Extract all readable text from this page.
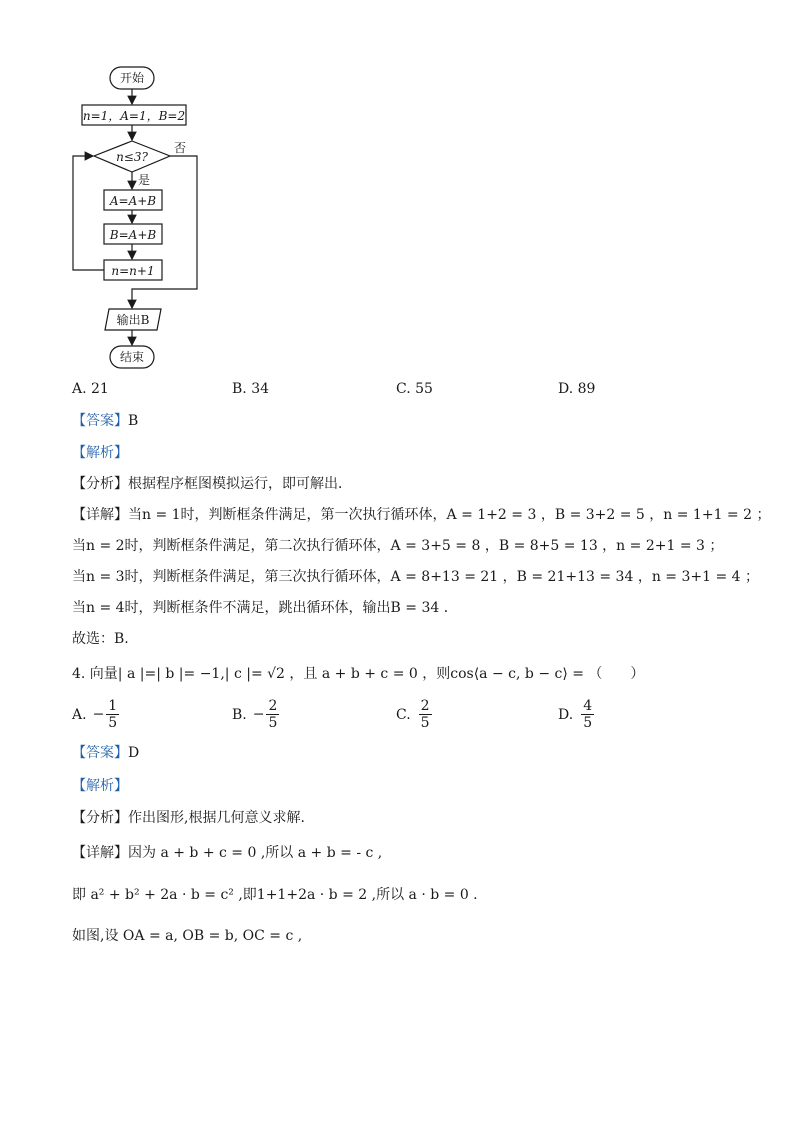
开始
n=1，A=1，B=2
n≤3?
否
是
A=A+B
B=A+B
n=n+1
输出B
结束
A. 21	B. 34	C. 55	D. 89
【答案】B
【解析】
【分析】根据程序框图模拟运行，即可解出．
【详解】当n = 1时，判断框条件满足，第一次执行循环体，A = 1+2 = 3 ，B = 3+2 = 5 ，n = 1+1 = 2 ；
当n = 2时，判断框条件满足，第二次执行循环体，A = 3+5 = 8 ，B = 8+5 = 13 ，n = 2+1 = 3 ；
当n = 3时，判断框条件满足，第三次执行循环体，A = 8+13 = 21 ，B = 21+13 = 34 ，n = 3+1 = 4 ；
当n = 4时，判断框条件不满足，跳出循环体，输出B = 34 ．
故选：B.
4. 向量| a |=| b |= −1,| c |= √2 ，且 a + b + c = 0 ，则cos⟨a − c, b − c⟩ = （　　）
A. − $\frac{1}{5}$	B. − $\frac{2}{5}$	C. $\frac{2}{5}$	D. $\frac{4}{5}$
【答案】D
【解析】
【分析】作出图形,根据几何意义求解.
【详解】因为 a + b + c = 0 ,所以 a + b = - c ,
即 a² + b² + 2a · b = c² ,即1+1+2a · b = 2 ,所以 a · b = 0 .
如图,设 OA = a, OB = b, OC = c ,
